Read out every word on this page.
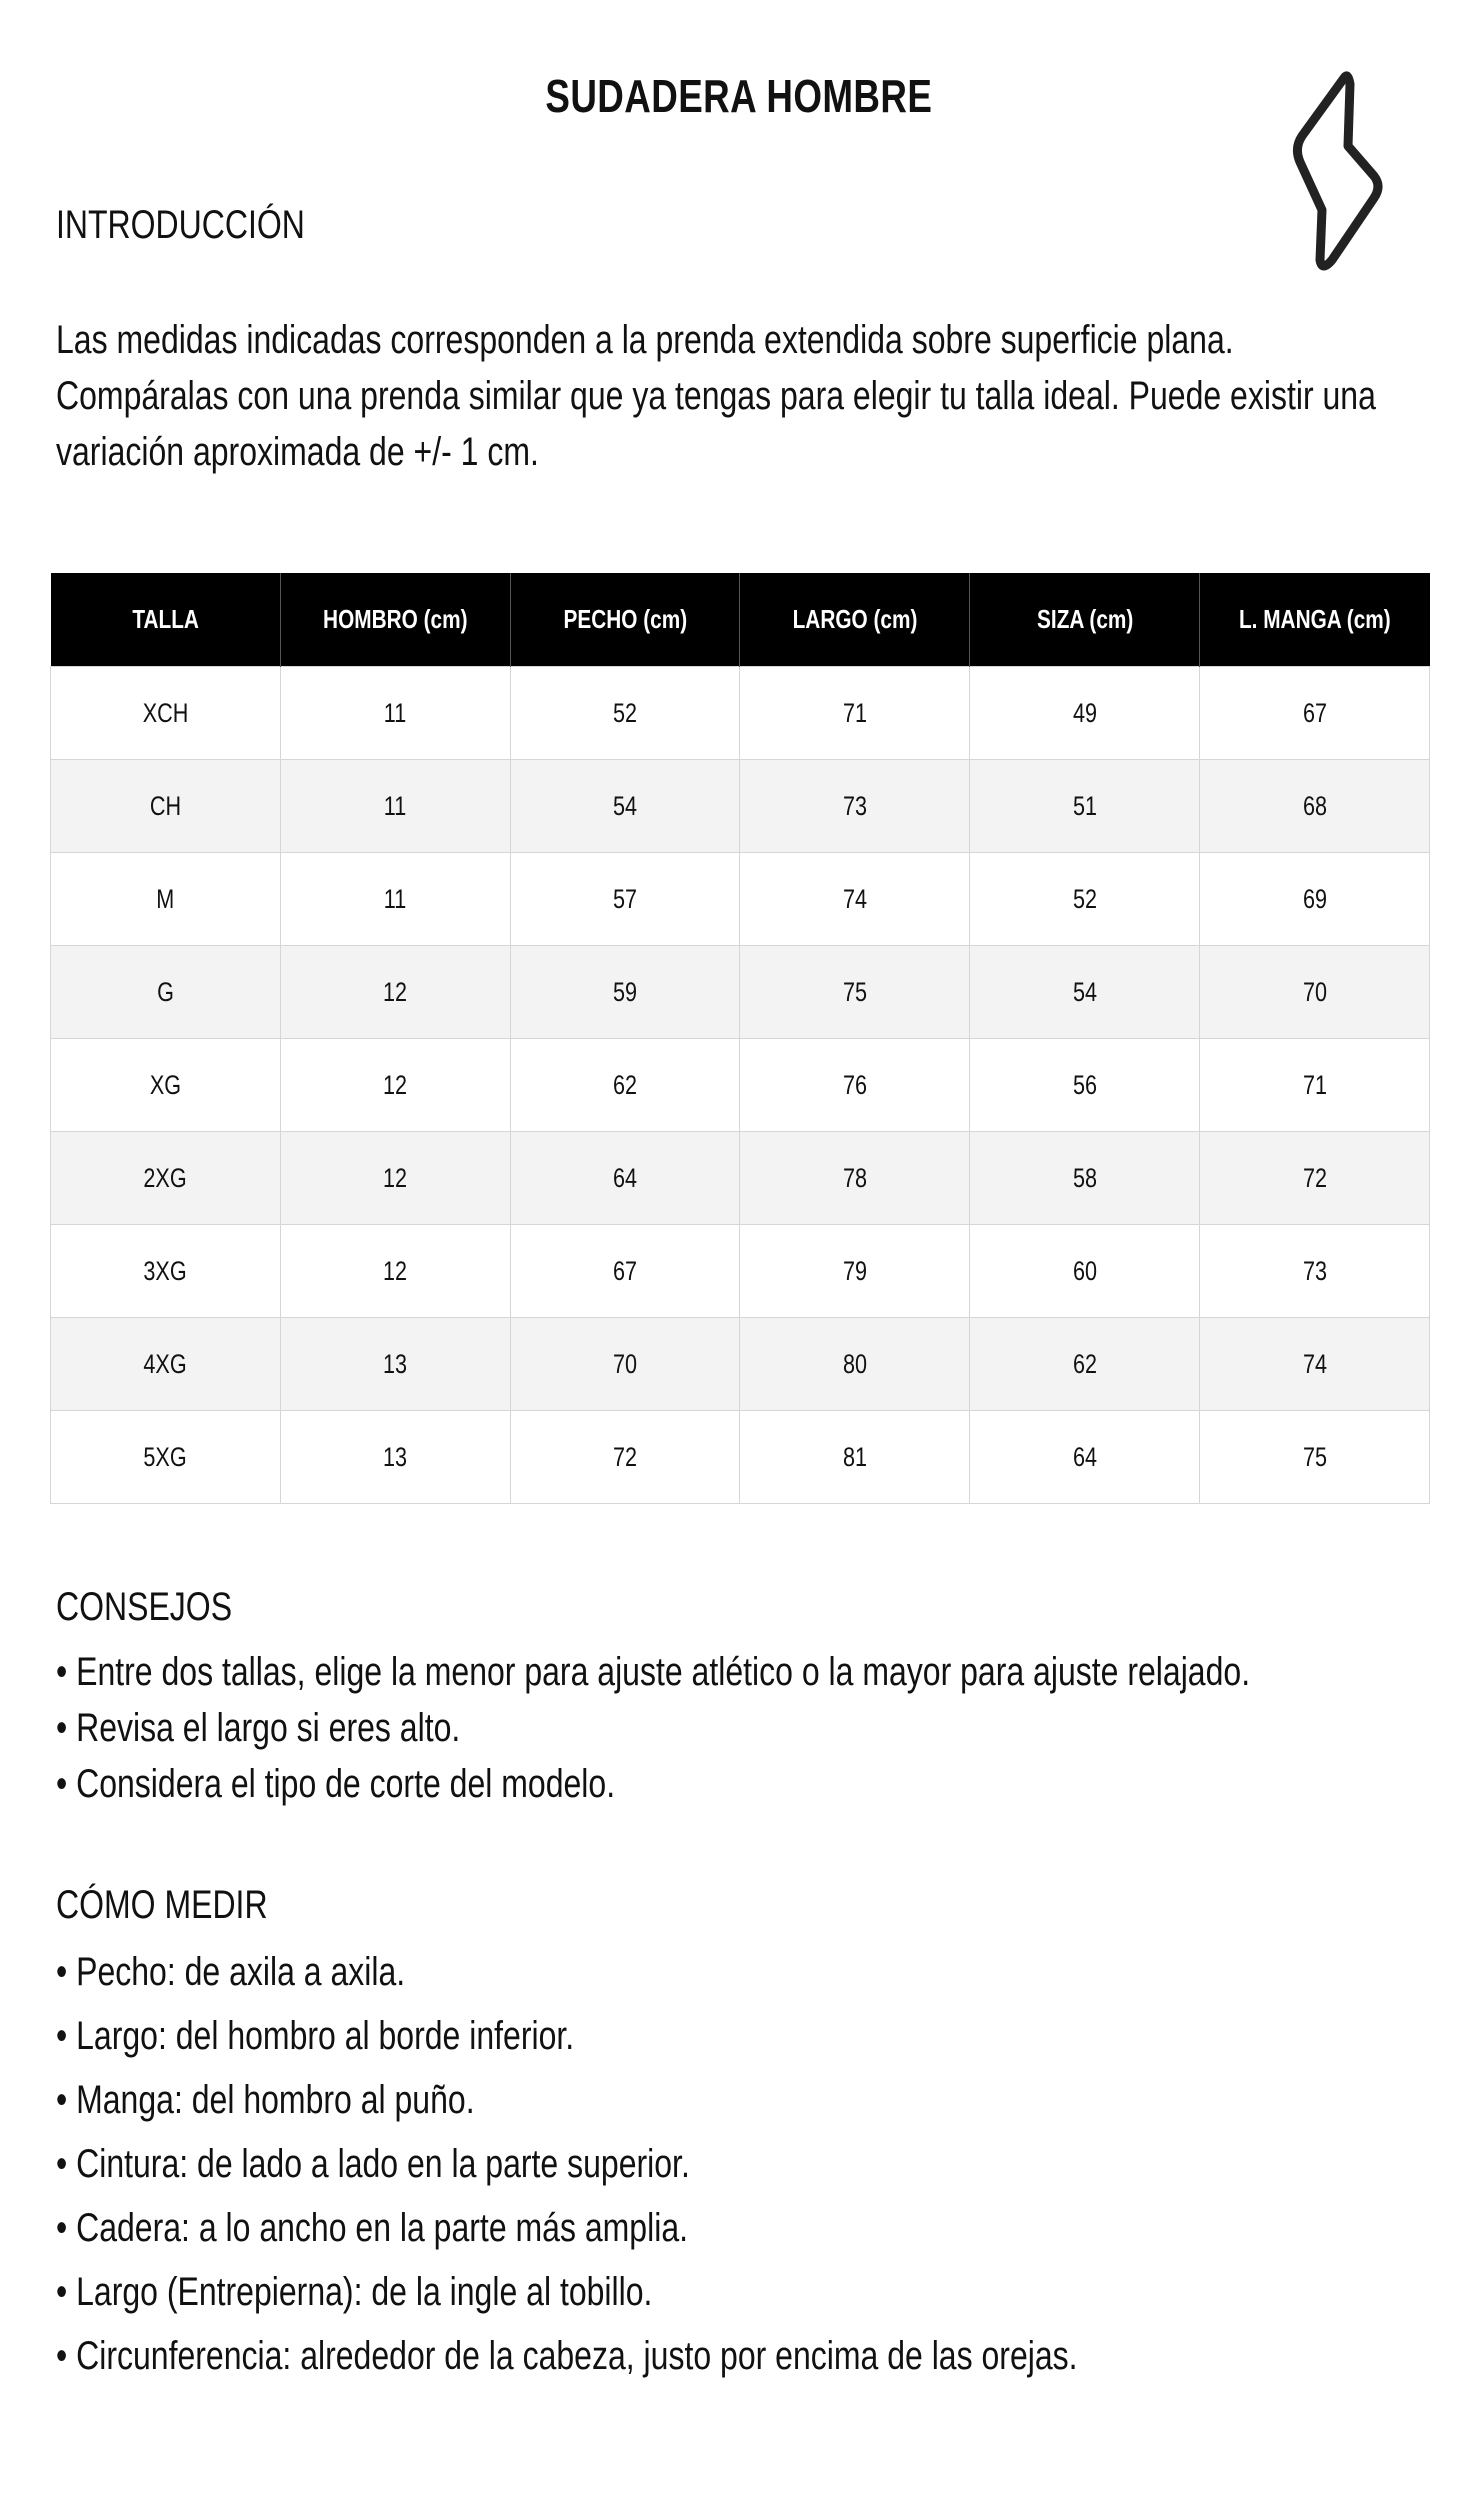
SUDADERA HOMBRE
INTRODUCCIÓN
Las medidas indicadas corresponden a la prenda extendida sobre superficie plana.
Compáralas con una prenda similar que ya tengas para elegir tu talla ideal. Puede existir una
variación aproximada de +/- 1 cm.
TALLA	HOMBRO (cm)	PECHO (cm)	LARGO (cm)	SIZA (cm)	L. MANGA (cm)
XCH	11	52	71	49	67
CH	11	54	73	51	68
M	11	57	74	52	69
G	12	59	75	54	70
XG	12	62	76	56	71
2XG	12	64	78	58	72
3XG	12	67	79	60	73
4XG	13	70	80	62	74
5XG	13	72	81	64	75
CONSEJOS
• Entre dos tallas, elige la menor para ajuste atlético o la mayor para ajuste relajado.
• Revisa el largo si eres alto.
• Considera el tipo de corte del modelo.
CÓMO MEDIR
• Pecho: de axila a axila.
• Largo: del hombro al borde inferior.
• Manga: del hombro al puño.
• Cintura: de lado a lado en la parte superior.
• Cadera: a lo ancho en la parte más amplia.
• Largo (Entrepierna): de la ingle al tobillo.
• Circunferencia: alrededor de la cabeza, justo por encima de las orejas.
